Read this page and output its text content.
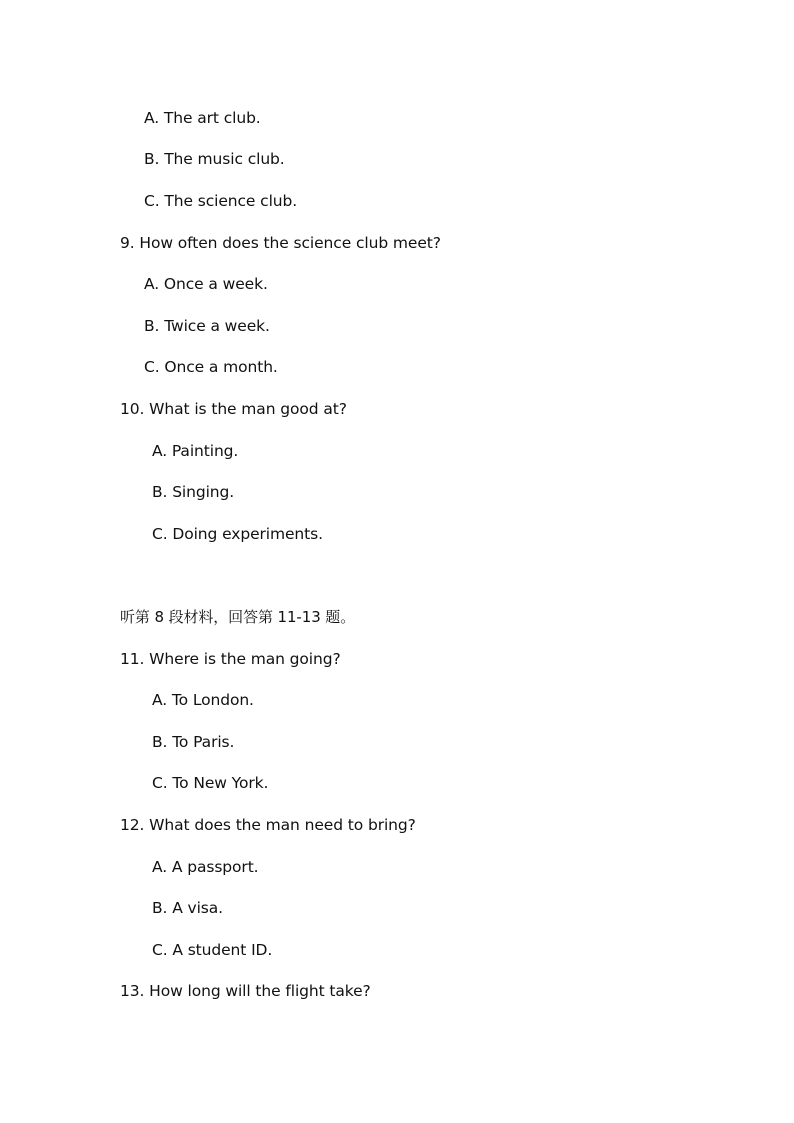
A. The art club.
B. The music club.
C. The science club.
9. How often does the science club meet?
A. Once a week.
B. Twice a week.
C. Once a month.
10. What is the man good at?
A. Painting.
B. Singing.
C. Doing experiments.
听第 8 段材料，回答第 11-13 题。
11. Where is the man going?
A. To London.
B. To Paris.
C. To New York.
12. What does the man need to bring?
A. A passport.
B. A visa.
C. A student ID.
13. How long will the flight take?
